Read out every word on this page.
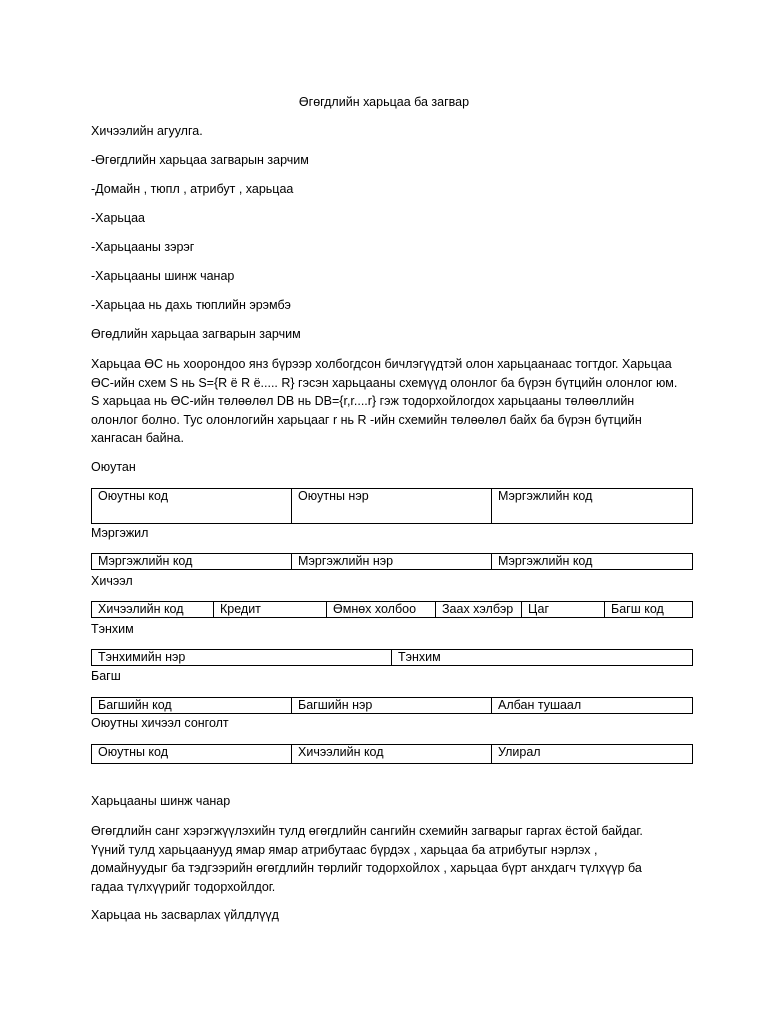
Өгөгдлийн харьцаа ба загвар
Хичээлийн агуулга.
-Өгөгдлийн харьцаа загварын зарчим
-Домайн , тюпл , атрибут , харьцаа
-Харьцаа
-Харьцааны зэрэг
-Харьцааны шинж чанар
-Харьцаа нь дахь тюплийн эрэмбэ
Өгөдлийн харьцаа загварын зарчим
Харьцаа ӨС нь хоорондоо янз бүрээр холбогдсон бичлэгүүдтэй олон харьцаанаас тогтдог. Харьцаа
ӨС-ийн схем S нь S={R ё R ё..... R} гэсэн харьцааны схемүүд олонлог ба бүрэн бүтцийн олонлог юм.
S харьцаа нь ӨС-ийн төлөөлөл DB нь DB={r,r....r} гэж тодорхойлогдох харьцааны төлөөллийн
олонлог болно. Тус олонлогийн харьцааг r нь R -ийн схемийн төлөөлөл байх ба бүрэн бүтцийн
хангасан байна.
Оюутан
Оюутны код	Оюутны нэр	Мэргэжлийн код
Мэргэжил
Мэргэжлийн код	Мэргэжлийн нэр	Мэргэжлийн код
Хичээл
Хичээлийн код	Кредит	Өмнөх холбоо	Заах хэлбэр	Цаг	Багш код
Тэнхим
Тэнхимийн нэр	Тэнхим
Багш
Багшийн код	Багшийн нэр	Албан тушаал
Оюутны хичээл сонголт
Оюутны код	Хичээлийн код	Улирал
Харьцааны шинж чанар
Өгөгдлийн санг хэрэгжүүлэхийн тулд өгөгдлийн сангийн схемийн загварыг гаргах ёстой байдаг.
Үүний тулд харьцаанууд ямар ямар атрибутаас бүрдэх , харьцаа ба атрибутыг нэрлэх ,
домайнуудыг ба тэдгээрийн өгөгдлийн төрлийг тодорхойлох , харьцаа бүрт анхдагч түлхүүр ба
гадаа түлхүүрийг тодорхойлдог.
Харьцаа нь засварлах үйлдлүүд
